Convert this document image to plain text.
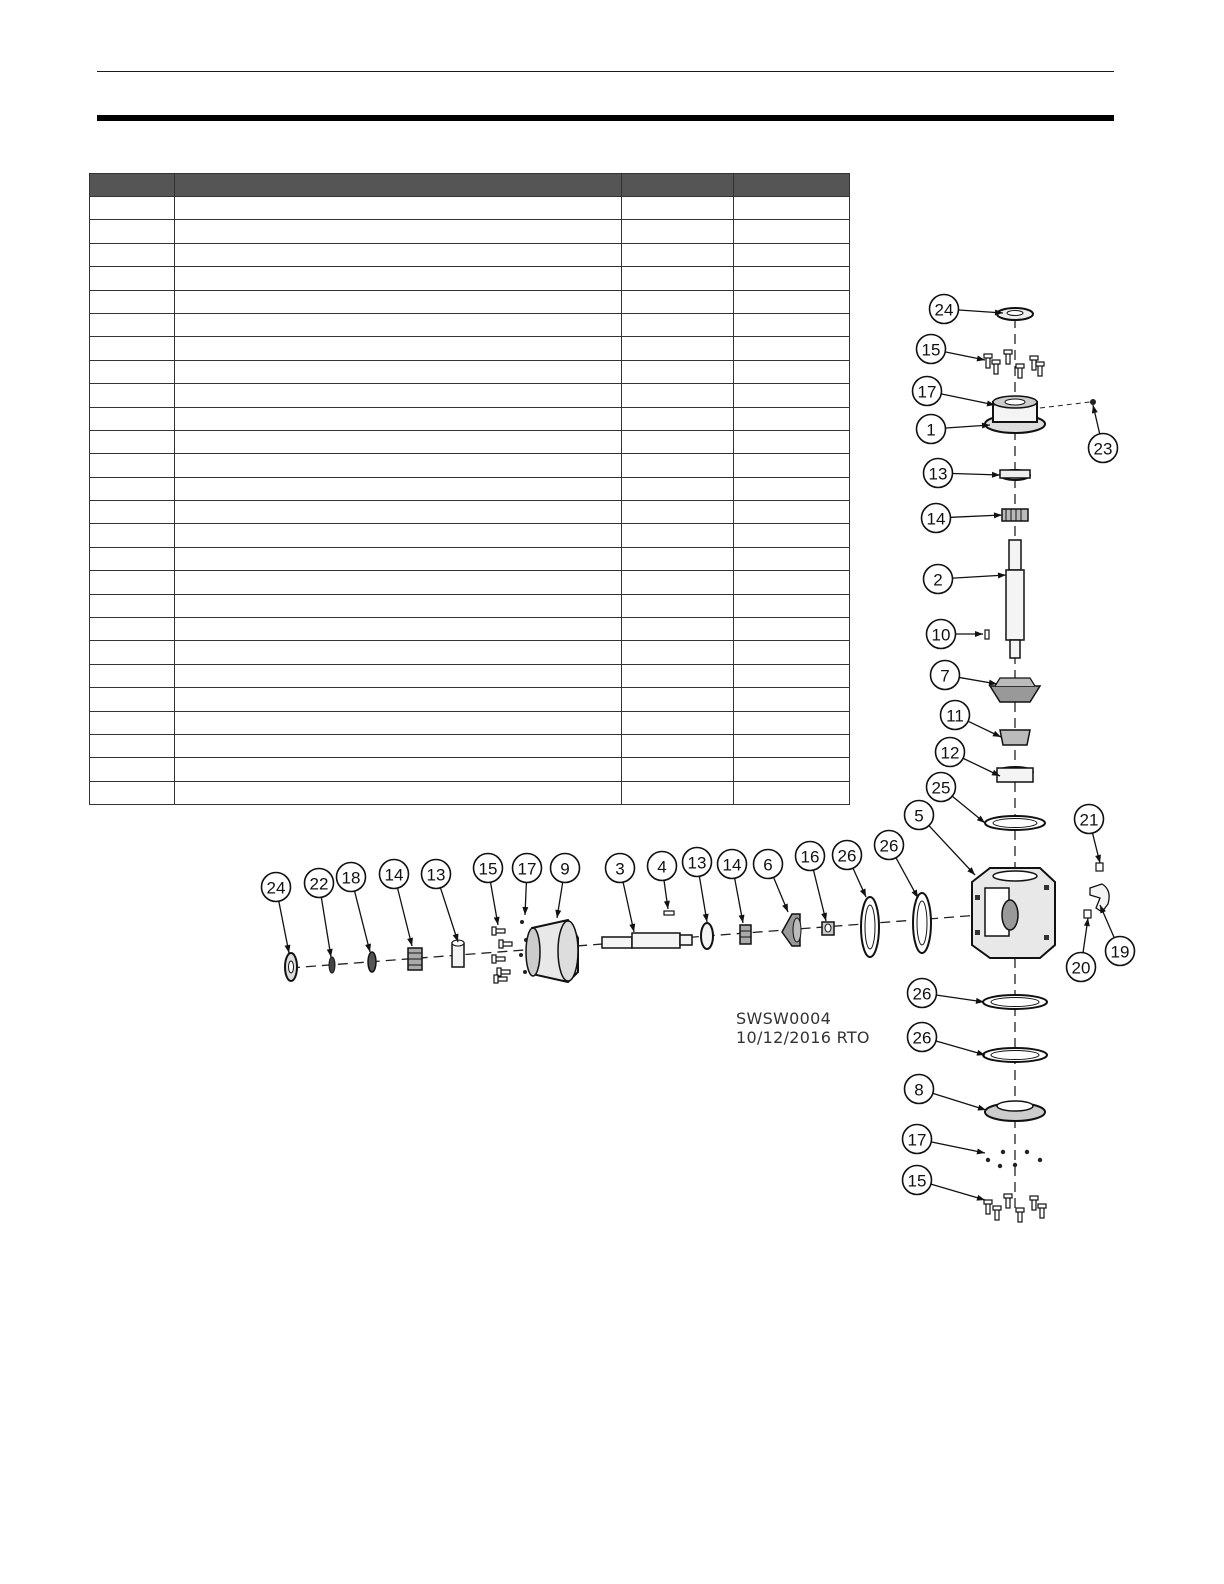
24
15
17
1
23
13
14
2
10
7
11
12
25
5	21
19
20
26
26
8
17
15
24 22 18 14 13 15 17 9	3 4 13 14 6 16 26
26
SWSW0004
10/12/2016 RTO
